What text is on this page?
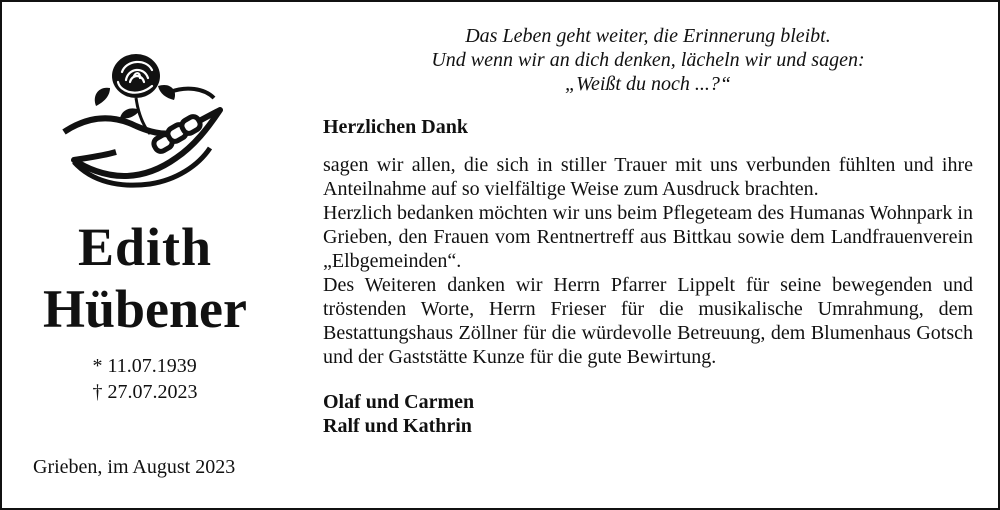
Edith
Hübener
* 11.07.1939
† 27.07.2023
Grieben, im August 2023
Das Leben geht weiter, die Erinnerung bleibt.
Und wenn wir an dich denken, lächeln wir und sagen:
„Weißt du noch ...?“
Herzlichen Dank

sagen wir allen, die sich in stiller Trauer mit uns verbunden fühlten und ihre Anteilnahme auf so vielfältige Weise zum Ausdruck brachten.

Herzlich bedanken möchten wir uns beim Pflegeteam des Humanas Wohnpark in Grieben, den Frauen vom Rentnertreff aus Bittkau sowie dem Landfrauenverein „Elbgemeinden“.

Des Weiteren danken wir Herrn Pfarrer Lippelt für seine bewegenden und tröstenden Worte, Herrn Frieser für die musikalische Umrahmung, dem Bestattungshaus Zöllner für die würdevolle Betreuung, dem Blumenhaus Gotsch und der Gaststätte Kunze für die gute Bewirtung.

Olaf und Carmen
Ralf und Kathrin
